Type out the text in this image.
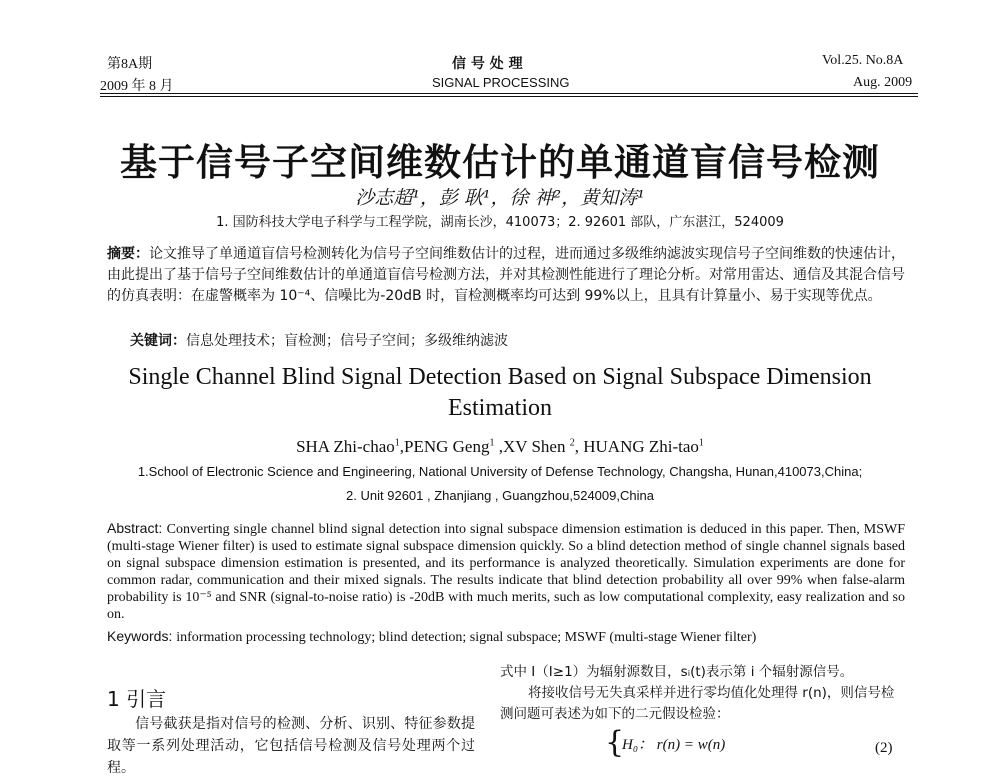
第8A期
2009 年 8 月
信 号 处 理
SIGNAL PROCESSING
Vol.25. No.8A
Aug. 2009
基于信号子空间维数估计的单通道盲信号检测
沙志超¹，彭 耿¹，徐 神²，黄知涛¹
1. 国防科技大学电子科学与工程学院，湖南长沙，410073；2. 92601 部队，广东湛江，524009
摘要：论文推导了单通道盲信号检测转化为信号子空间维数估计的过程，进而通过多级维纳滤波实现信号子空间维数的快速估计，由此提出了基于信号子空间维数估计的单通道盲信号检测方法，并对其检测性能进行了理论分析。对常用雷达、通信及其混合信号的仿真表明：在虚警概率为 10⁻⁴、信噪比为-20dB 时，盲检测概率均可达到 99%以上，且具有计算量小、易于实现等优点。
关键词：信息处理技术；盲检测；信号子空间；多级维纳滤波
Single Channel Blind Signal Detection Based on Signal Subspace Dimension Estimation
SHA Zhi-chao$^1$,PENG Geng$^1$ ,XV Shen $^2$, HUANG Zhi-tao$^1$
1.School of Electronic Science and Engineering, National University of Defense Technology, Changsha, Hunan,410073,China;
2. Unit 92601 , Zhanjiang , Guangzhou,524009,China
Abstract: Converting single channel blind signal detection into signal subspace dimension estimation is deduced in this paper. Then, MSWF (multi-stage Wiener filter) is used to estimate signal subspace dimension quickly. So a blind detection method of single channel signals based on signal subspace dimension estimation is presented, and its performance is analyzed theoretically. Simulation experiments are done for common radar, communication and their mixed signals. The results indicate that blind detection probability all over 99% when false-alarm probability is 10⁻⁵ and SNR (signal-to-noise ratio) is -20dB with much merits, such as low computational complexity, easy realization and so on.
Keywords: information processing technology; blind detection; signal subspace; MSWF (multi-stage Wiener filter)
1 引言
信号截获是指对信号的检测、分析、识别、特征参数提取等一系列处理活动，它包括信号检测及信号处理两个过程。
式中 I（I≥1）为辐射源数目，sᵢ(t)表示第 i 个辐射源信号。
将接收信号无失真采样并进行零均值化处理得 r(n)，则信号检测问题可表述为如下的二元假设检验：
{
H₀： r(n) = w(n)	(2)
